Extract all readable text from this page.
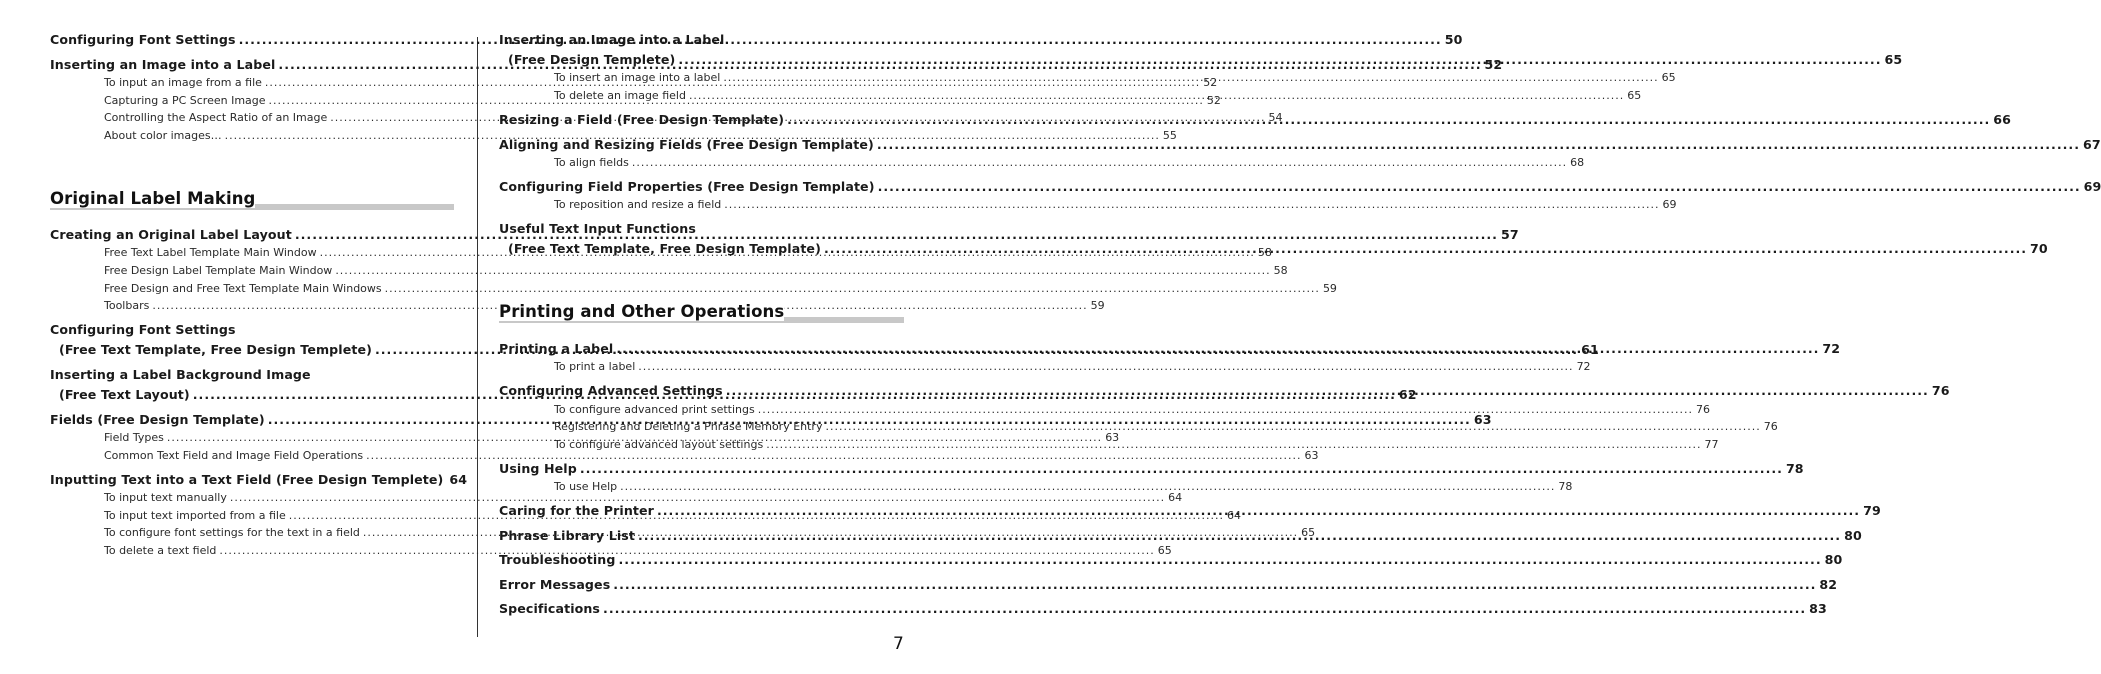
Configuring Font Settings .....	50
Inserting an Image into a Label .....	52
To input an image from a file .....	52
Capturing a PC Screen Image .....	52
Controlling the Aspect Ratio of an Image .....	54
About color images… .....	55
Original Label Making
Creating an Original Label Layout .....	57
Free Text Label Template Main Window .....	58
Free Design Label Template Main Window .....	58
Free Design and Free Text Template Main Windows .....	59
Toolbars .....	59
Configuring Font Settings
(Free Text Template, Free Design Templete) .....	61
Inserting a Label Background Image
(Free Text Layout) .....	62
Fields (Free Design Template) .....	63
Field Types .....	63
Common Text Field and Image Field Operations .....	63
Inputting Text into a Text Field (Free Design Templete) 64
To input text manually .....	64
To input text imported from a file .....	64
To configure font settings for the text in a field .....	65
To delete a text field .....	65
Inserting an Image into a Label
(Free Design Templete) .....	65
To insert an image into a label .....	65
To delete an image field .....	65
Resizing a Field (Free Design Template) .....	66
Aligning and Resizing Fields (Free Design Template) .....	67
To align fields .....	68
Configuring Field Properties (Free Design Template) .....	69
To reposition and resize a field .....	69
Useful Text Input Functions
(Free Text Template, Free Design Template) .....	70
Printing and Other Operations
Printing a Label .....	72
To print a label .....	72
Configuring Advanced Settings .....	76
To configure advanced print settings .....	76
Registering and Deleting a Phrase Memory Entry .....	76
To configure advanced layout settings .....	77
Using Help .....	78
To use Help .....	78
Caring for the Printer .....	79
Phrase Library List .....	80
Troubleshooting .....	80
Error Messages .....	82
Specifications .....	83
7
